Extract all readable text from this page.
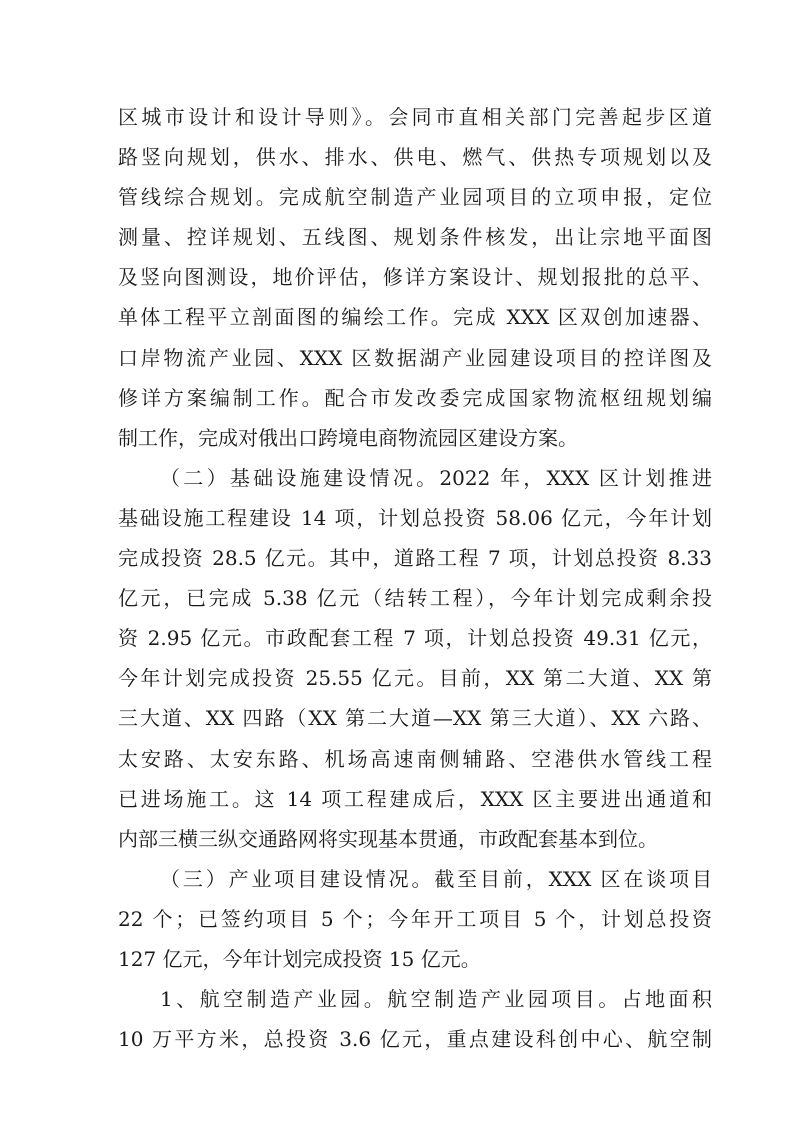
区城市设计和设计导则》。会同市直相关部门完善起步区道
路竖向规划，供水、排水、供电、燃气、供热专项规划以及
管线综合规划。完成航空制造产业园项目的立项申报，定位
测量、控详规划、五线图、规划条件核发，出让宗地平面图
及竖向图测设，地价评估，修详方案设计、规划报批的总平、
单体工程平立剖面图的编绘工作。完成 XXX 区双创加速器、
口岸物流产业园、XXX 区数据湖产业园建设项目的控详图及
修详方案编制工作。配合市发改委完成国家物流枢纽规划编
制工作，完成对俄出口跨境电商物流园区建设方案。
（二）基础设施建设情况。2022 年，XXX 区计划推进
基础设施工程建设 14 项，计划总投资 58.06 亿元，今年计划
完成投资 28.5 亿元。其中，道路工程 7 项，计划总投资 8.33
亿元，已完成 5.38 亿元（结转工程），今年计划完成剩余投
资 2.95 亿元。市政配套工程 7 项，计划总投资 49.31 亿元，
今年计划完成投资 25.55 亿元。目前，XX 第二大道、XX 第
三大道、XX 四路（XX 第二大道—XX 第三大道）、XX 六路、
太安路、太安东路、机场高速南侧辅路、空港供水管线工程
已进场施工。这 14 项工程建成后，XXX 区主要进出通道和
内部三横三纵交通路网将实现基本贯通，市政配套基本到位。
（三）产业项目建设情况。截至目前，XXX 区在谈项目
22 个；已签约项目 5 个；今年开工项目 5 个，计划总投资
127 亿元，今年计划完成投资 15 亿元。
1、航空制造产业园。航空制造产业园项目。占地面积
10 万平方米，总投资 3.6 亿元，重点建设科创中心、航空制
